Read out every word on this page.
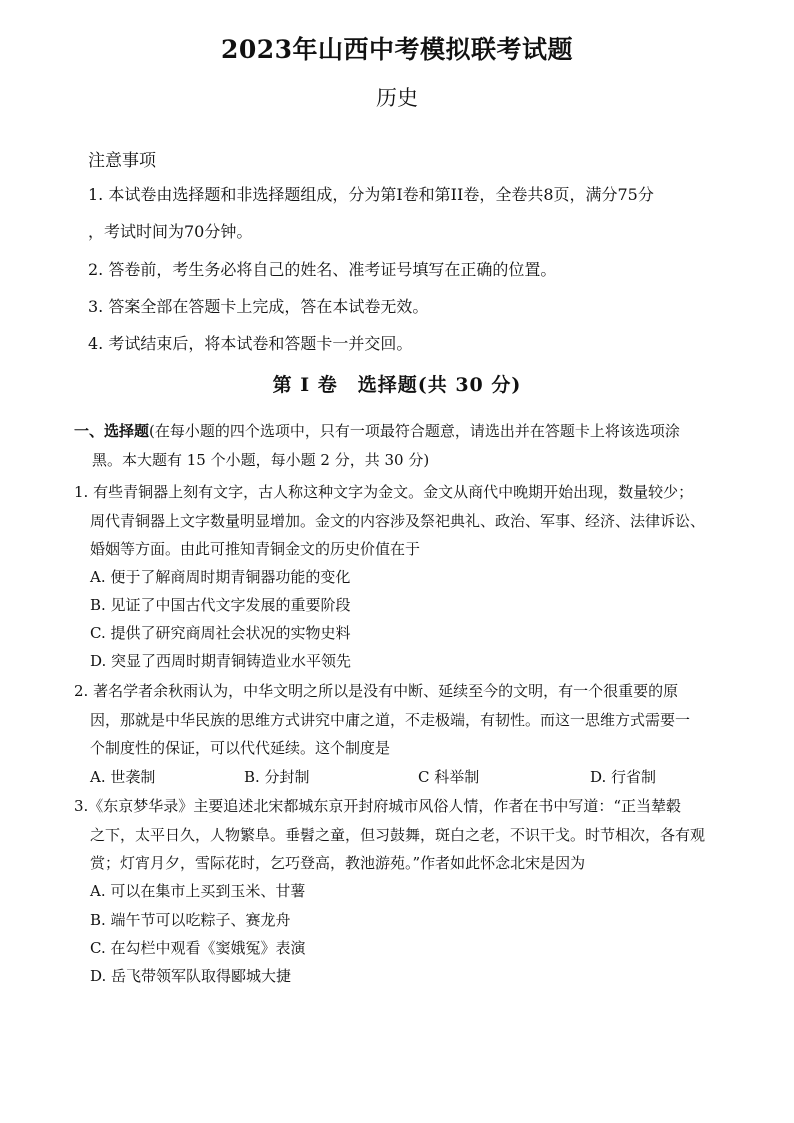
2023年山西中考模拟联考试题
历史
注意事项
1. 本试卷由选择题和非选择题组成，分为第I卷和第II卷，全卷共8页，满分75分
，考试时间为70分钟。
2. 答卷前，考生务必将自己的姓名、准考证号填写在正确的位置。
3. 答案全部在答题卡上完成，答在本试卷无效。
4. 考试结束后，将本试卷和答题卡一并交回。
第 I 卷　选择题(共 30 分)
一、选择题(在每小题的四个选项中，只有一项最符合题意，请选出并在答题卡上将该选项涂
黑。本大题有 15 个小题，每小题 2 分，共 30 分)
1. 有些青铜器上刻有文字，古人称这种文字为金文。金文从商代中晚期开始出现，数量较少；
周代青铜器上文字数量明显增加。金文的内容涉及祭祀典礼、政治、军事、经济、法律诉讼、
婚姻等方面。由此可推知青铜金文的历史价值在于
A. 便于了解商周时期青铜器功能的变化
B. 见证了中国古代文字发展的重要阶段
C. 提供了研究商周社会状况的实物史料
D. 突显了西周时期青铜铸造业水平领先
2. 著名学者余秋雨认为，中华文明之所以是没有中断、延续至今的文明，有一个很重要的原
因，那就是中华民族的思维方式讲究中庸之道，不走极端，有韧性。而这一思维方式需要一
个制度性的保证，可以代代延续。这个制度是
A. 世袭制	B. 分封制	C 科举制	D. 行省制
3.《东京梦华录》主要追述北宋都城东京开封府城市风俗人情，作者在书中写道：“正当辇毂
之下，太平日久，人物繁阜。垂髫之童，但习鼓舞，斑白之老，不识干戈。时节相次，各有观
赏；灯宵月夕，雪际花时，乞巧登高，教池游苑。”作者如此怀念北宋是因为
A. 可以在集市上买到玉米、甘薯
B. 端午节可以吃粽子、赛龙舟
C. 在勾栏中观看《窦娥冤》表演
D. 岳飞带领军队取得郾城大捷
